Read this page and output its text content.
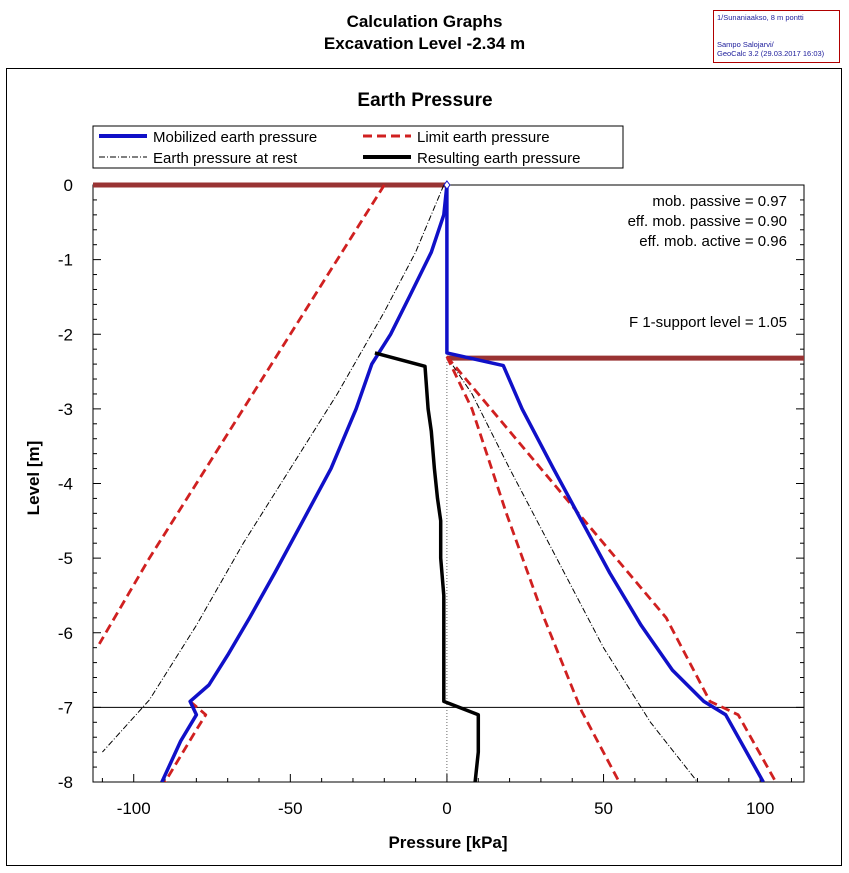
Calculation Graphs
Excavation Level -2.34 m
1/Sunaniaakso, 8 m pontti
Sampo Salojarvi/
GeoCalc 3.2 (29.03.2017 16:03)
Earth Pressure
Mobilized earth pressure	Limit earth pressure
Earth pressure at rest	Resulting earth pressure
Level [m]
Pressure [kPa]
-100	-50	0	50	100
0
-1
-2
-3
-4
-5
-6
-7
-8
mob. passive = 0.97
eff. mob. passive = 0.90
eff. mob. active = 0.96
F 1-support level = 1.05
